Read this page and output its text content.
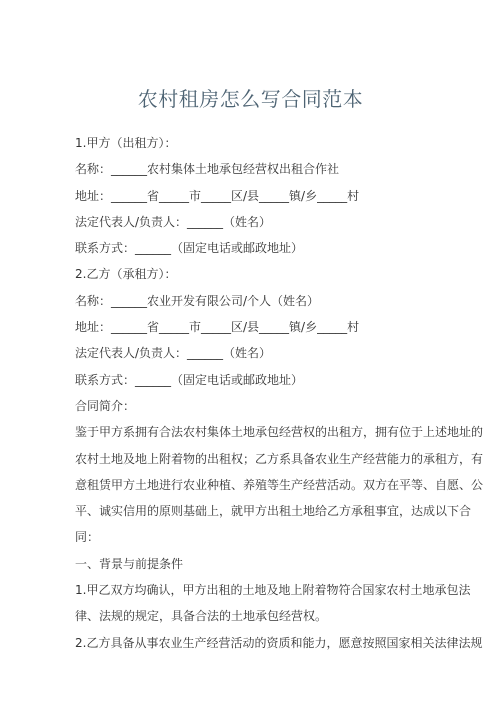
农村租房怎么写合同范本

1.甲方（出租方）：

名称：______农村集体土地承包经营权出租合作社

地址：______省_____市_____区/县_____镇/乡_____村

法定代表人/负责人：______（姓名）

联系方式：______（固定电话或邮政地址）

2.乙方（承租方）：

名称：______农业开发有限公司/个人（姓名）

地址：______省_____市_____区/县_____镇/乡_____村

法定代表人/负责人：______（姓名）

联系方式：______（固定电话或邮政地址）

合同简介：

鉴于甲方系拥有合法农村集体土地承包经营权的出租方，拥有位于上述地址的

农村土地及地上附着物的出租权；乙方系具备农业生产经营能力的承租方，有

意租赁甲方土地进行农业种植、养殖等生产经营活动。双方在平等、自愿、公

平、诚实信用的原则基础上，就甲方出租土地给乙方承租事宜，达成以下合

同：

一、背景与前提条件

1.甲乙双方均确认，甲方出租的土地及地上附着物符合国家农村土地承包法

律、法规的规定，具备合法的土地承包经营权。

2.乙方具备从事农业生产经营活动的资质和能力，愿意按照国家相关法律法规
